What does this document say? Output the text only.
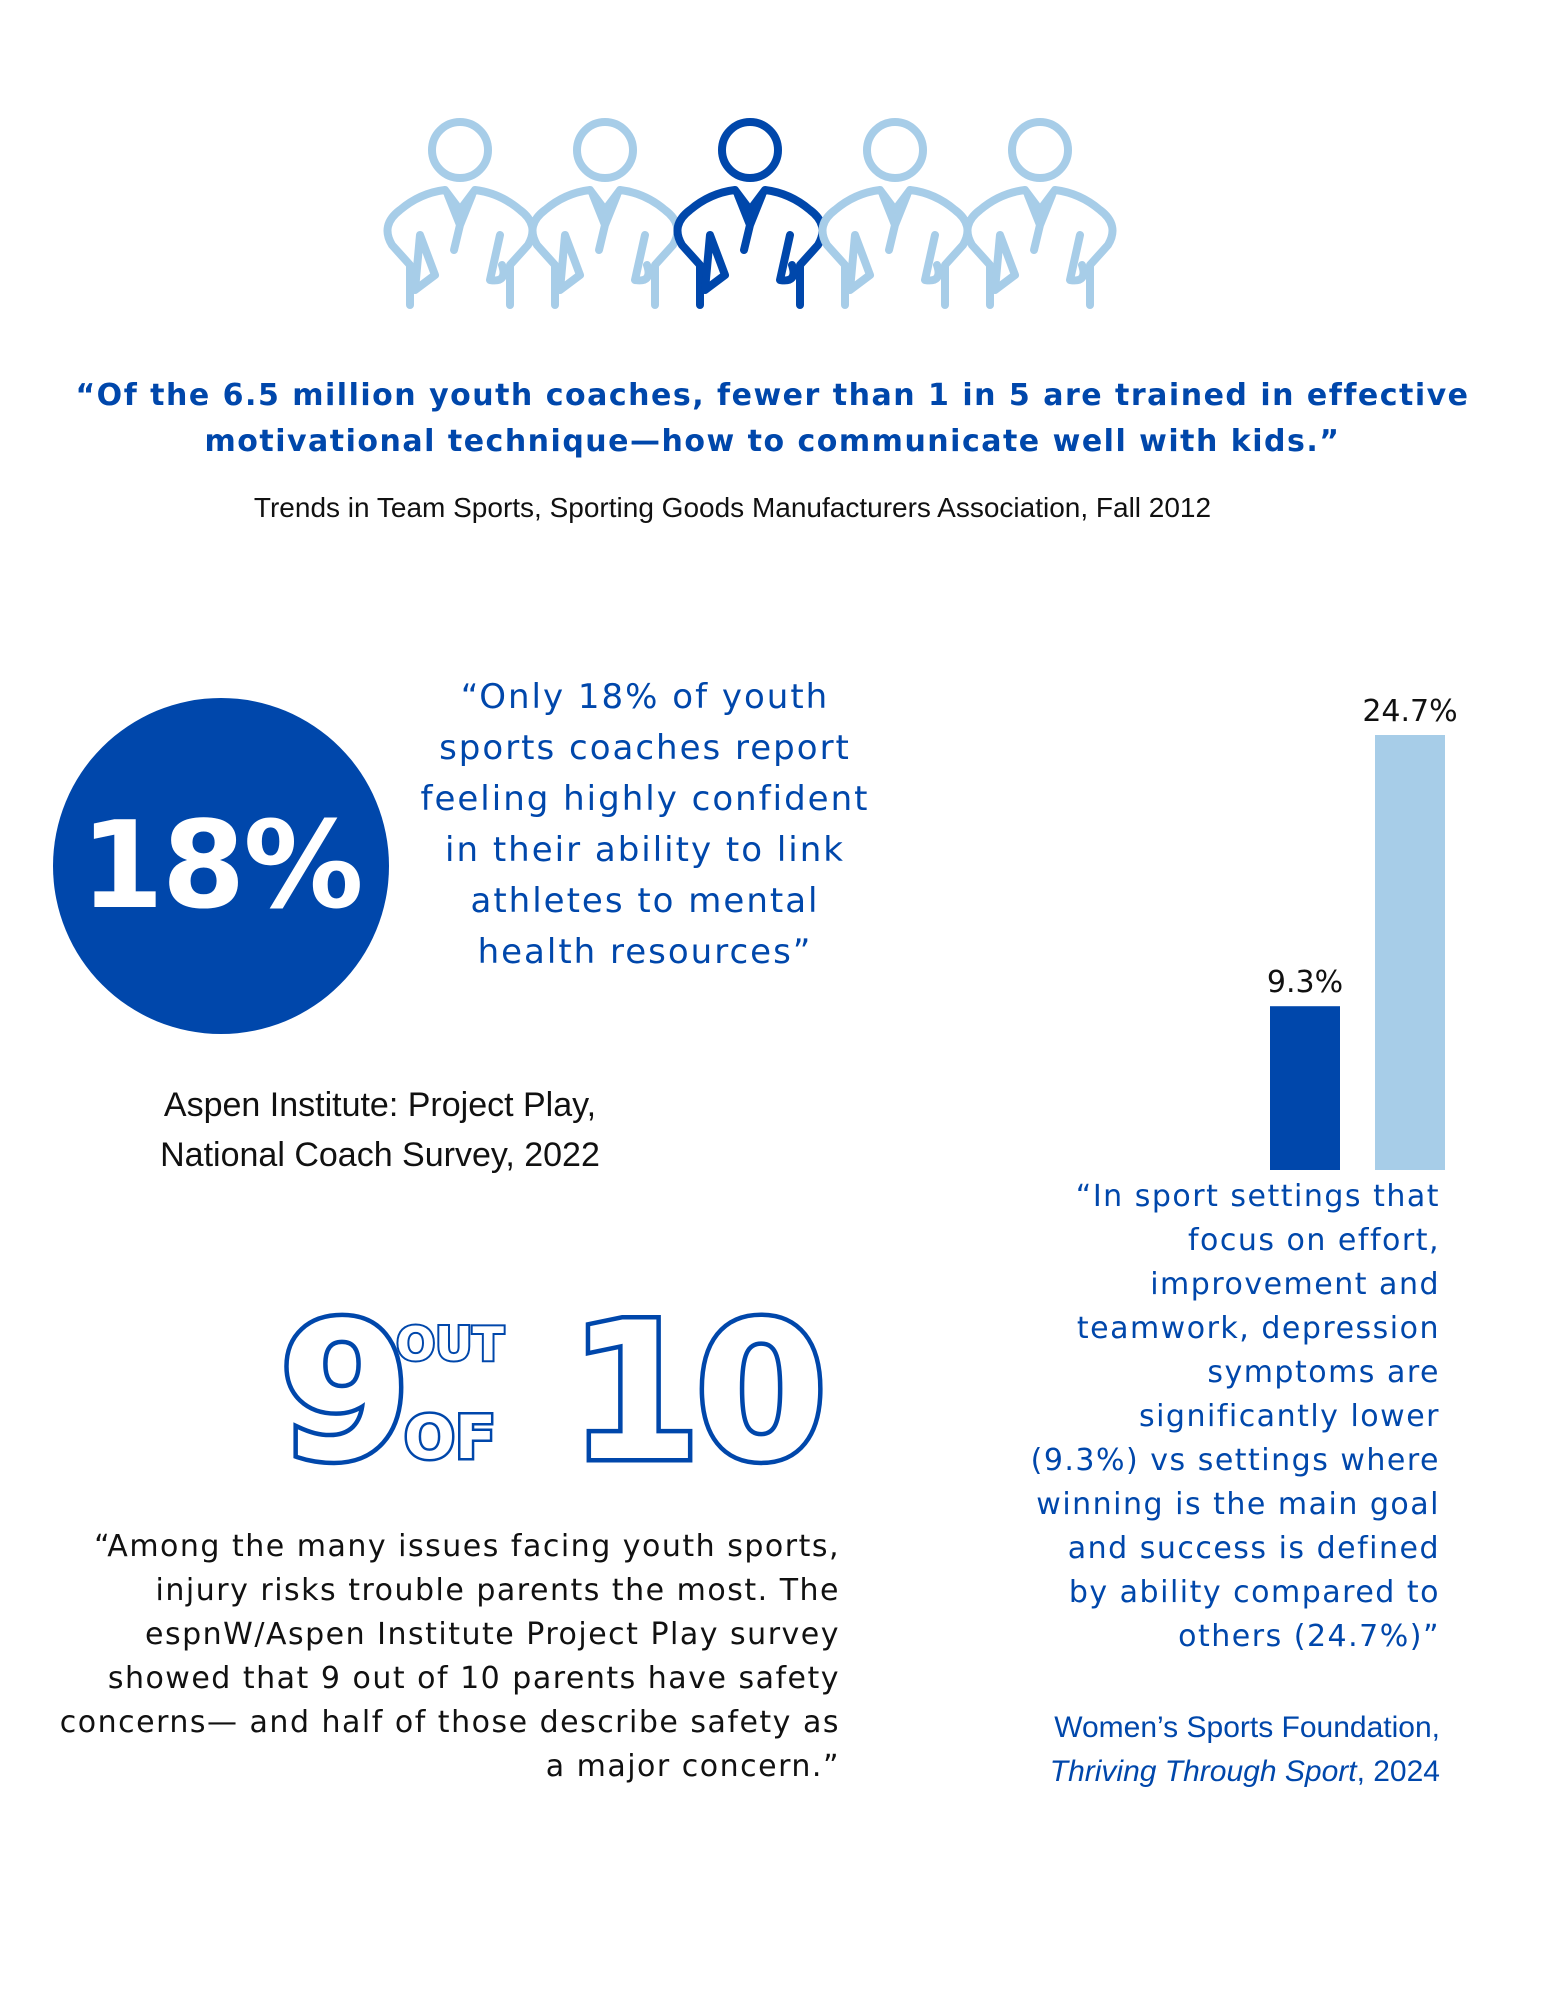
“Of the 6.5 million youth coaches, fewer than 1 in 5 are trained in effective motivational technique—how to communicate well with kids.”
Trends in Team Sports, Sporting Goods Manufacturers Association, Fall 2012
18%
“Only 18% of youth sports coaches report feeling highly confident in their ability to link athletes to mental health resources”
Aspen Institute: Project Play, National Coach Survey, 2022
9.3%
24.7%
“In sport settings that focus on effort, improvement and teamwork, depression symptoms are significantly lower (9.3%) vs settings where winning is the main goal and success is defined by ability compared to others (24.7%)”
Women’s Sports Foundation, Thriving Through Sport, 2024
9
OUT
OF 10
“Among the many issues facing youth sports, injury risks trouble parents the most. The espnW/Aspen Institute Project Play survey showed that 9 out of 10 parents have safety concerns— and half of those describe safety as a major concern.”
